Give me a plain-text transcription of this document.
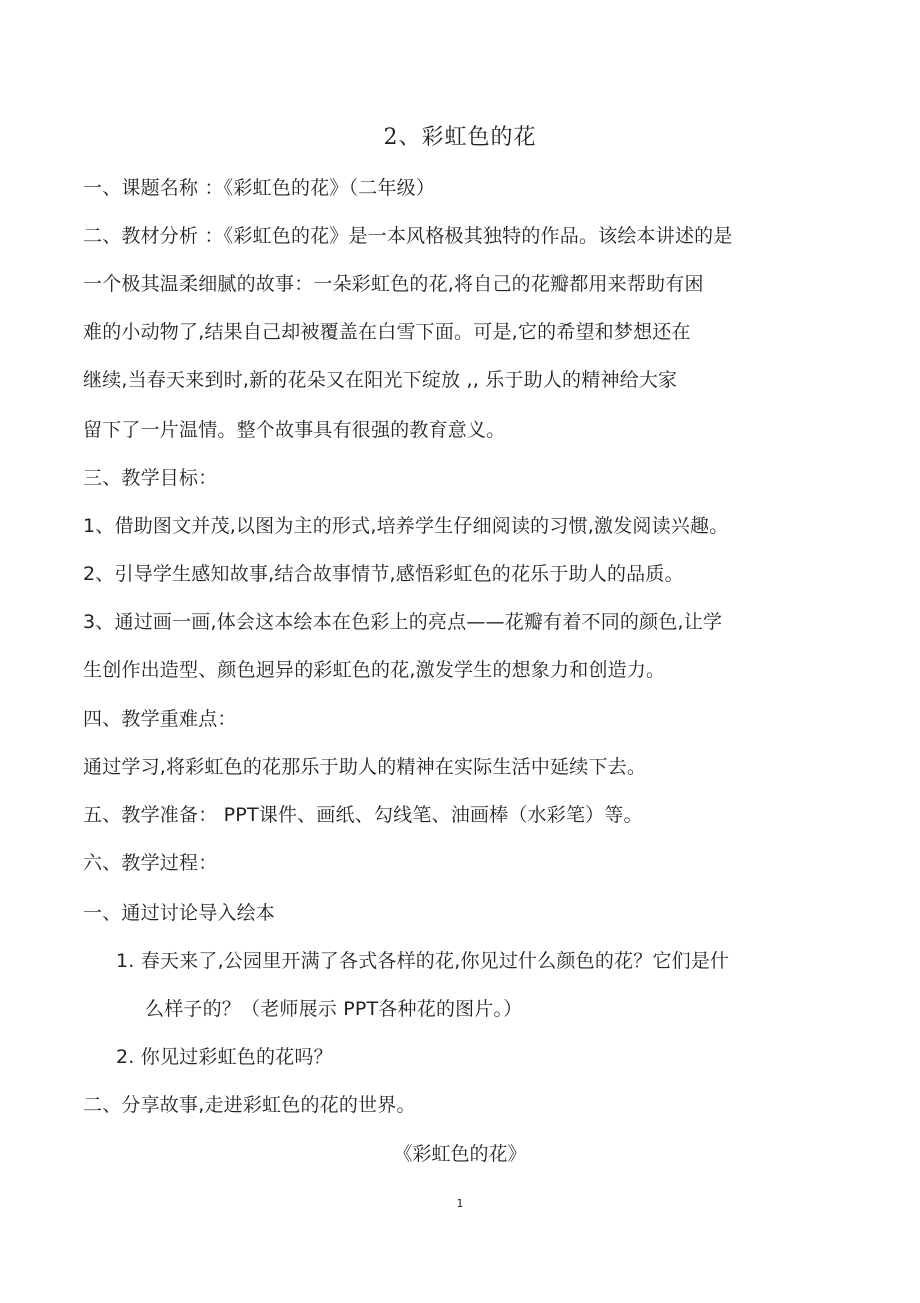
2、彩虹色的花
一、课题名称 ：《彩虹色的花》（二年级）
二、教材分析 ：《彩虹色的花》是一本风格极其独特的作品。该绘本讲述的是
一个极其温柔细腻的故事：一朵彩虹色的花,将自己的花瓣都用来帮助有困
难的小动物了,结果自己却被覆盖在白雪下面。可是,它的希望和梦想还在
继续,当春天来到时,新的花朵又在阳光下绽放 ,, 乐于助人的精神给大家
留下了一片温情。整个故事具有很强的教育意义。
三、教学目标：
1、借助图文并茂,以图为主的形式,培养学生仔细阅读的习惯,激发阅读兴趣。
2、引导学生感知故事,结合故事情节,感悟彩虹色的花乐于助人的品质。
3、通过画一画,体会这本绘本在色彩上的亮点——花瓣有着不同的颜色,让学
生创作出造型、颜色迥异的彩虹色的花,激发学生的想象力和创造力。
四、教学重难点：
通过学习,将彩虹色的花那乐于助人的精神在实际生活中延续下去。
五、教学准备： PPT课件、画纸、勾线笔、油画棒（水彩笔）等。
六、教学过程：
一、通过讨论导入绘本
1. 春天来了,公园里开满了各式各样的花,你见过什么颜色的花？它们是什
么样子的？（老师展示 PPT各种花的图片。）
2. 你见过彩虹色的花吗？
二、分享故事,走进彩虹色的花的世界。
《彩虹色的花》
1
